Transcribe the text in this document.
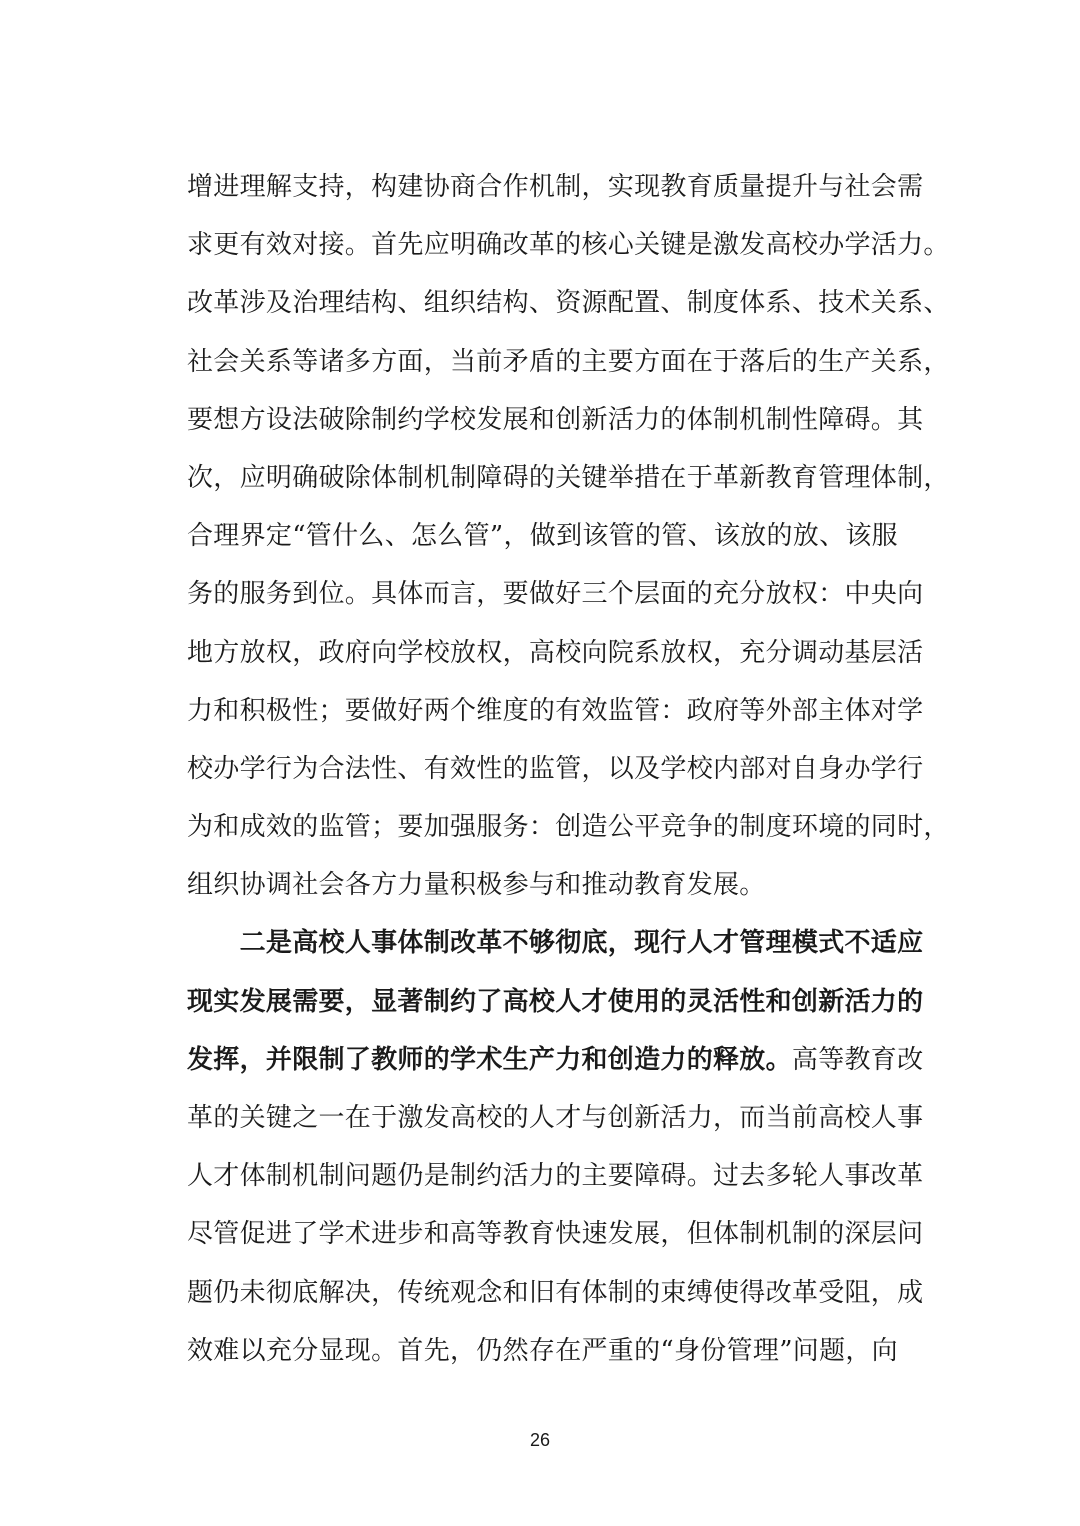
增进理解支持，构建协商合作机制，实现教育质量提升与社会需
求更有效对接。首先应明确改革的核心关键是激发高校办学活力。
改革涉及治理结构、组织结构、资源配置、制度体系、技术关系、
社会关系等诸多方面，当前矛盾的主要方面在于落后的生产关系，
要想方设法破除制约学校发展和创新活力的体制机制性障碍。其
次，应明确破除体制机制障碍的关键举措在于革新教育管理体制，
合理界定“管什么、怎么管”，做到该管的管、该放的放、该服
务的服务到位。具体而言，要做好三个层面的充分放权：中央向
地方放权，政府向学校放权，高校向院系放权，充分调动基层活
力和积极性；要做好两个维度的有效监管：政府等外部主体对学
校办学行为合法性、有效性的监管，以及学校内部对自身办学行
为和成效的监管；要加强服务：创造公平竞争的制度环境的同时，
组织协调社会各方力量积极参与和推动教育发展。
　　二是高校人事体制改革不够彻底，现行人才管理模式不适应
现实发展需要，显著制约了高校人才使用的灵活性和创新活力的
发挥，并限制了教师的学术生产力和创造力的释放。高等教育改
革的关键之一在于激发高校的人才与创新活力，而当前高校人事
人才体制机制问题仍是制约活力的主要障碍。过去多轮人事改革
尽管促进了学术进步和高等教育快速发展，但体制机制的深层问
题仍未彻底解决，传统观念和旧有体制的束缚使得改革受阻，成
效难以充分显现。首先，仍然存在严重的“身份管理”问题，向
26
